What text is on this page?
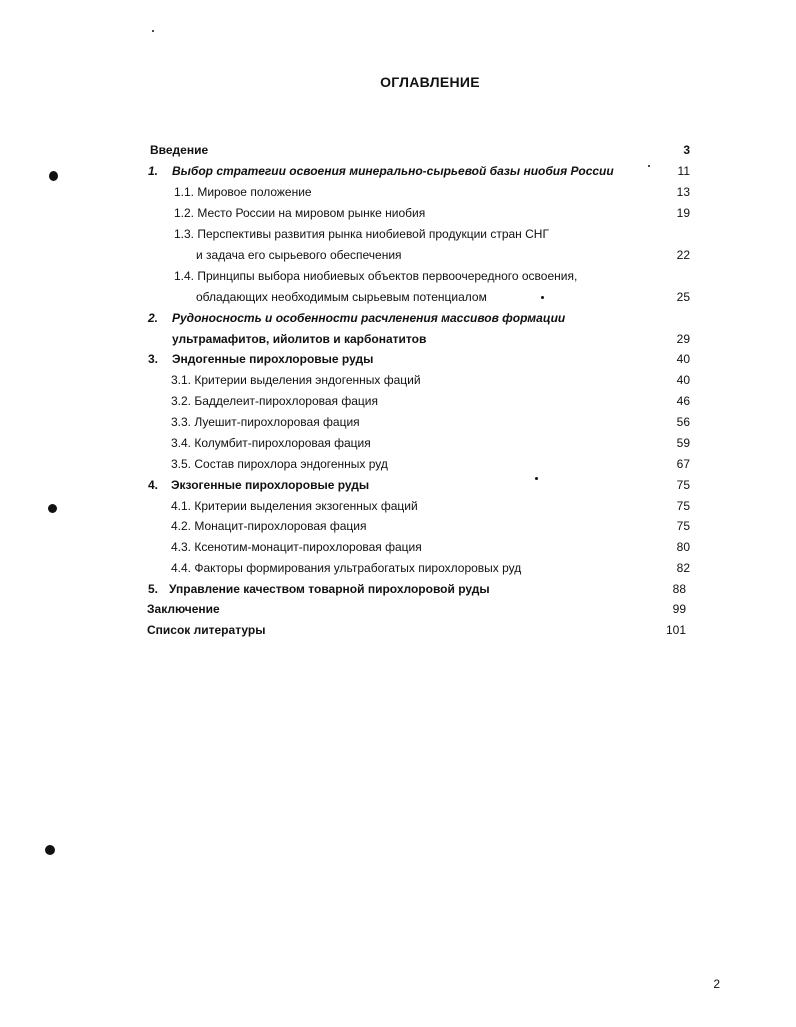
ОГЛАВЛЕНИЕ
Введение	3
1. Выбор стратегии освоения минерально-сырьевой базы ниобия России	11
1.1. Мировое положение	13
1.2. Место России на мировом рынке ниобия	19
1.3. Перспективы развития рынка ниобиевой продукции стран СНГ
и задача его сырьевого обеспечения	22
1.4. Принципы выбора ниобиевых объектов первоочередного освоения,
обладающих необходимым сырьевым потенциалом	25
2. Рудоносность и особенности расчленения массивов формации
ультрамафитов, ийолитов и карбонатитов	29
3. Эндогенные пирохлоровые руды	40
3.1. Критерии выделения эндогенных фаций	40
3.2. Бадделеит-пирохлоровая фация	46
3.3. Луешит-пирохлоровая фация	56
3.4. Колумбит-пирохлоровая фация	59
3.5. Состав пирохлора эндогенных руд	67
4. Экзогенные пирохлоровые руды	75
4.1. Критерии выделения экзогенных фаций	75
4.2. Монацит-пирохлоровая фация	75
4.3. Ксенотим-монацит-пирохлоровая фация	80
4.4. Факторы формирования ультрабогатых пирохлоровых руд	82
5. Управление качеством товарной пирохлоровой руды	88
Заключение	99
Список литературы	101
2
